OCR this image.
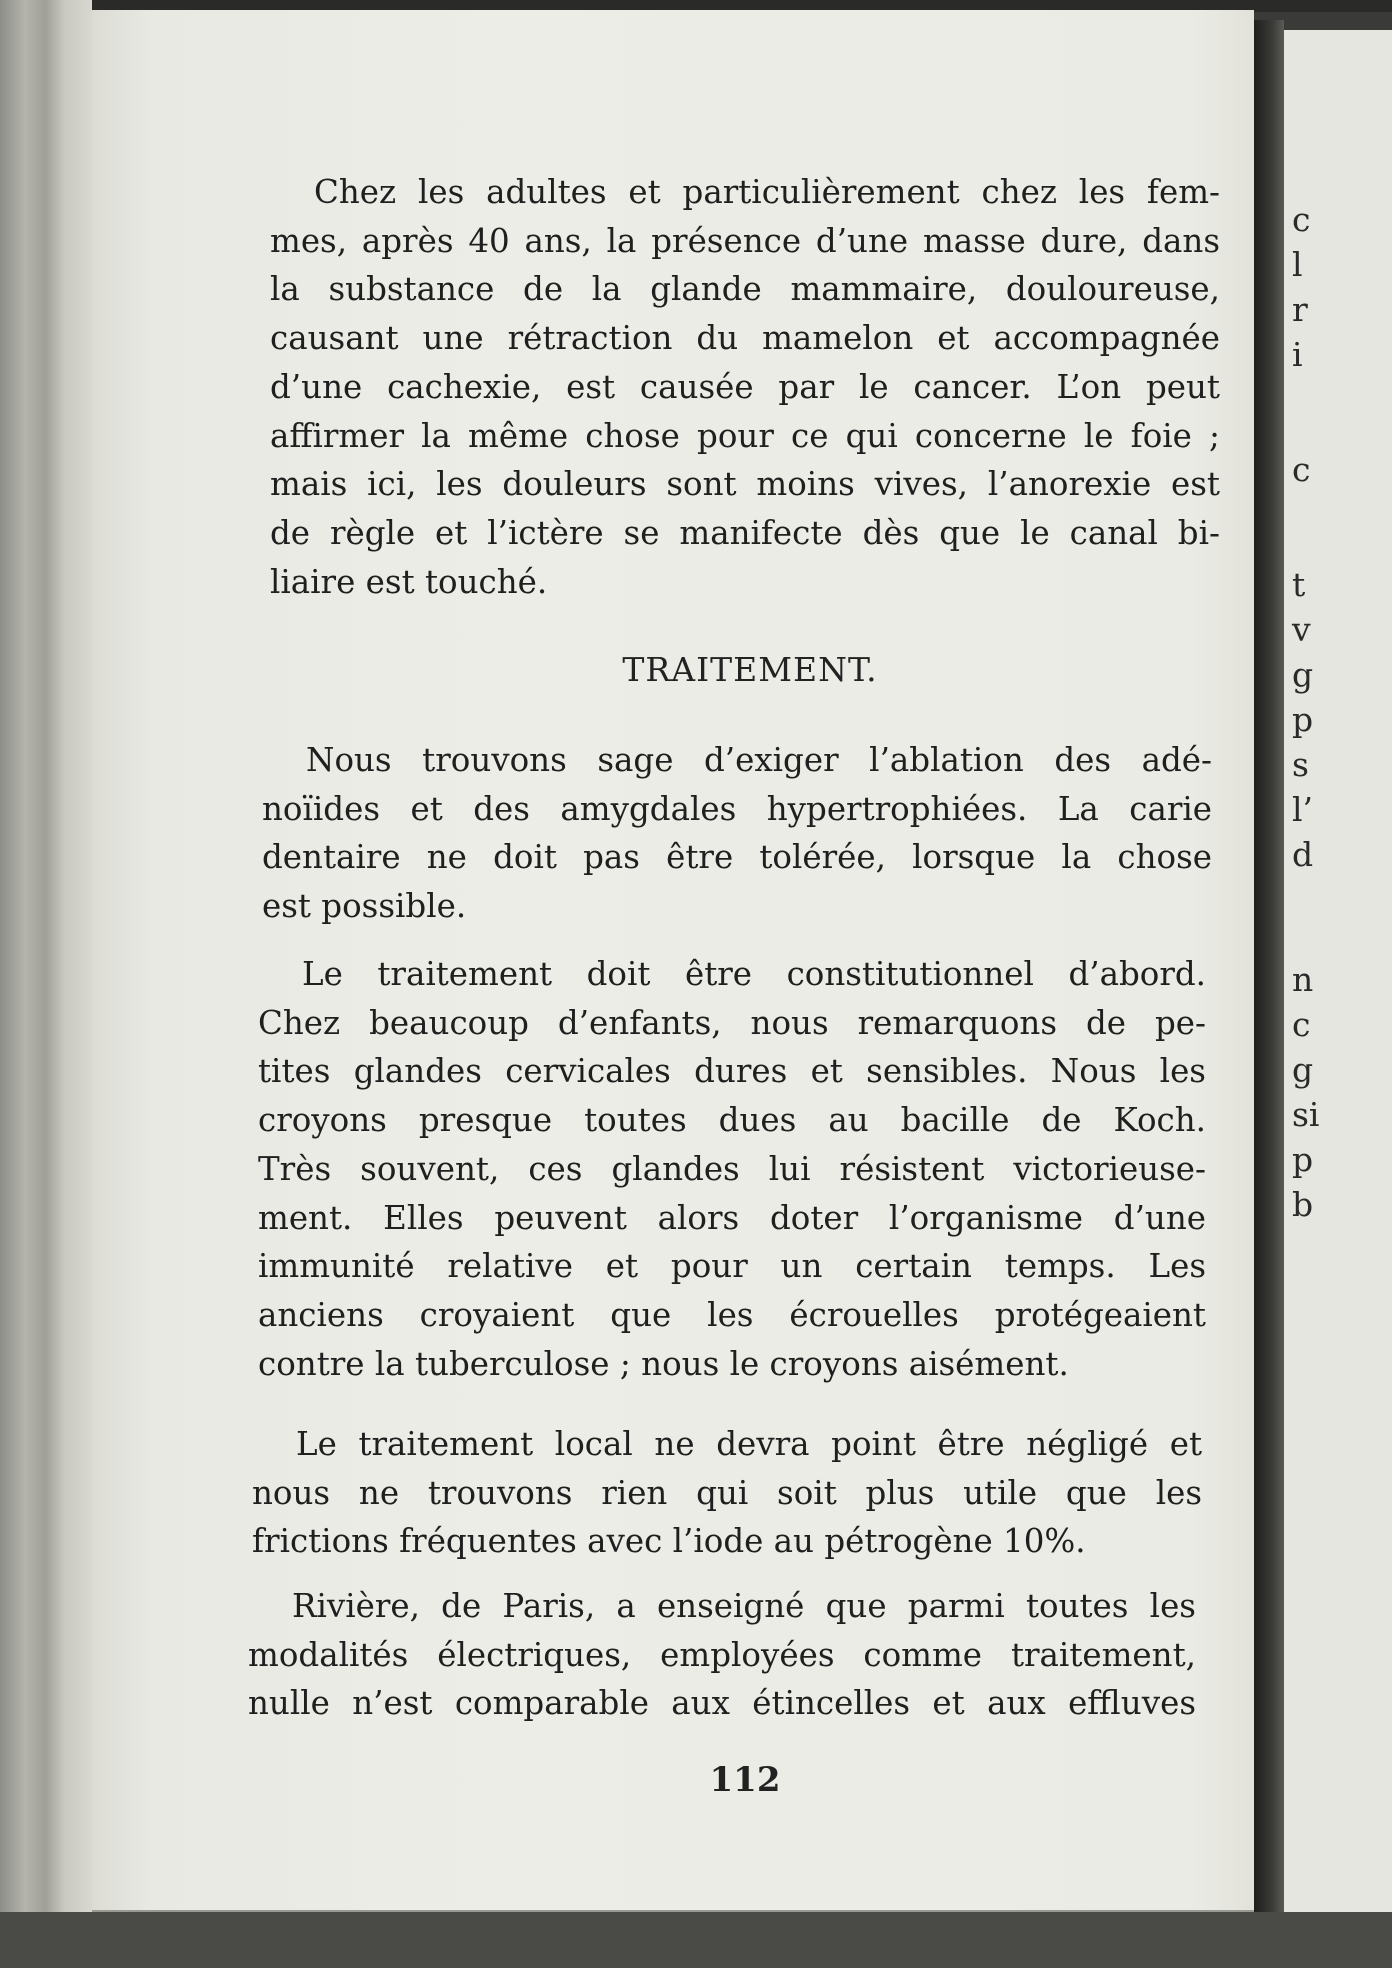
c
l
r
i
c
t
v
g
p
s
l’
d
n
c
g
si
p
b

Chez les adultes et particulièrement chez les fem-

mes, après 40 ans, la présence d’une masse dure, dans

la substance de la glande mammaire, douloureuse,

causant une rétraction du mamelon et accompagnée

d’une cachexie, est causée par le cancer. L’on peut

affirmer la même chose pour ce qui concerne le foie ;

mais ici, les douleurs sont moins vives, l’anorexie est

de règle et l’ictère se manifecte dès que le canal bi-

liaire est touché.

TRAITEMENT.

Nous trouvons sage d’exiger l’ablation des adé-

noïides et des amygdales hypertrophiées. La carie

dentaire ne doit pas être tolérée, lorsque la chose

est possible.

Le traitement doit être constitutionnel d’abord.

Chez beaucoup d’enfants, nous remarquons de pe-

tites glandes cervicales dures et sensibles. Nous les

croyons presque toutes dues au bacille de Koch.

Très souvent, ces glandes lui résistent victorieuse-

ment. Elles peuvent alors doter l’organisme d’une

immunité relative et pour un certain temps. Les

anciens croyaient que les écrouelles protégeaient

contre la tuberculose ; nous le croyons aisément.

Le traitement local ne devra point être négligé et

nous ne trouvons rien qui soit plus utile que les

frictions fréquentes avec l’iode au pétrogène 10%.

Rivière, de Paris, a enseigné que parmi toutes les

modalités électriques, employées comme traitement,

nulle n’est comparable aux étincelles et aux effluves

112
